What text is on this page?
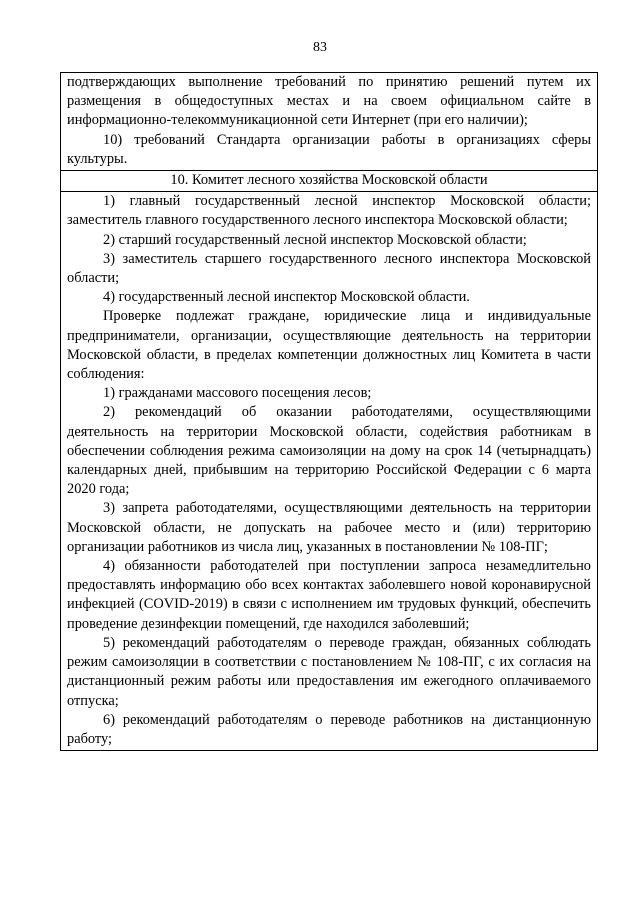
83

подтверждающих выполнение требований по принятию решений путем их размещения в общедоступных местах и на своем официальном сайте в информационно-телекоммуникационной сети Интернет (при его наличии);

10) требований Стандарта организации работы в организациях сферы культуры.

10. Комитет лесного хозяйства Московской области

1) главный государственный лесной инспектор Московской области; заместитель главного государственного лесного инспектора Московской области;

2) старший государственный лесной инспектор Московской области;

3) заместитель старшего государственного лесного инспектора Московской области;

4) государственный лесной инспектор Московской области.

Проверке подлежат граждане, юридические лица и индивидуальные предприниматели, организации, осуществляющие деятельность на территории Московской области, в пределах компетенции должностных лиц Комитета в части соблюдения:

1) гражданами массового посещения лесов;

2) рекомендаций об оказании работодателями, осуществляющими деятельность на территории Московской области, содействия работникам в обеспечении соблюдения режима самоизоляции на дому на срок 14 (четырнадцать) календарных дней, прибывшим на территорию Российской Федерации с 6 марта 2020 года;

3) запрета работодателями, осуществляющими деятельность на территории Московской области, не допускать на рабочее место и (или) территорию организации работников из числа лиц, указанных в постановлении № 108-ПГ;

4) обязанности работодателей при поступлении запроса незамедлительно предоставлять информацию обо всех контактах заболевшего новой коронавирусной инфекцией (COVID-2019) в связи с исполнением им трудовых функций, обеспечить проведение дезинфекции помещений, где находился заболевший;

5) рекомендаций работодателям о переводе граждан, обязанных соблюдать режим самоизоляции в соответствии с постановлением № 108-ПГ, с их согласия на дистанционный режим работы или предоставления им ежегодного оплачиваемого отпуска;

6) рекомендаций работодателям о переводе работников на дистанционную работу;
